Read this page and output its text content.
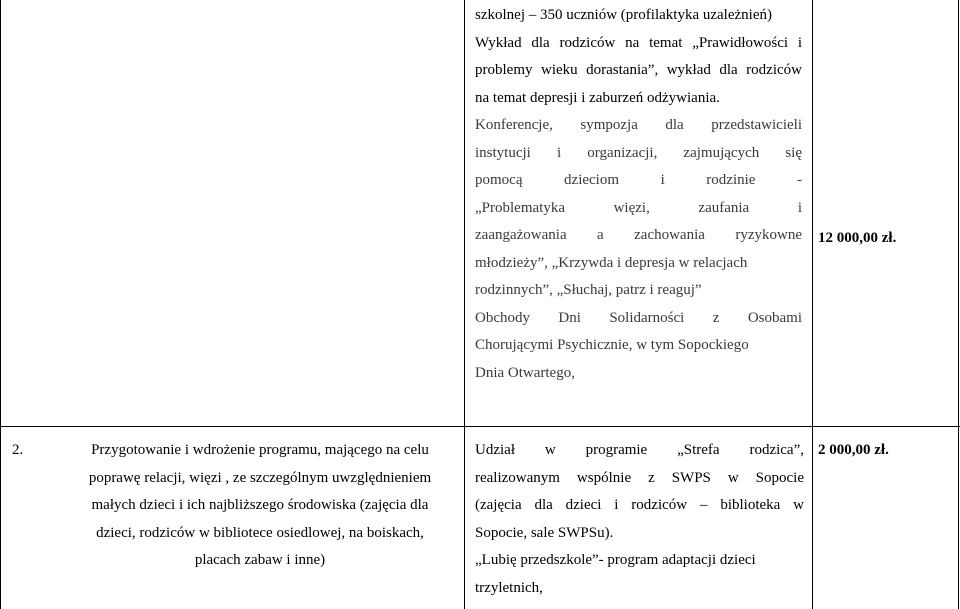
szkolnej – 350 uczniów (profilaktyka uzależnień)
Wykład dla rodziców na temat „Prawidłowości i
problemy wieku dorastania”, wykład dla rodziców
na temat depresji i zaburzeń odżywiania.
Konferencje, sympozja dla przedstawicieli
instytucji i organizacji, zajmujących się
pomocą dzieciom i rodzinie -
„Problematyka więzi, zaufania i
zaangażowania a zachowania ryzykowne
młodzieży”, „Krzywda i depresja w relacjach
rodzinnych”, „Słuchaj, patrz i reaguj”
Obchody Dni Solidarności z Osobami
Chorującymi Psychicznie, w tym Sopockiego
Dnia Otwartego,
12 000,00 zł.
2.	Przygotowanie i wdrożenie programu, mającego na celu
poprawę relacji, więzi , ze szczególnym uwzględnieniem
małych dzieci i ich najbliższego środowiska (zajęcia dla
dzieci, rodziców w bibliotece osiedlowej, na boiskach,
placach zabaw i inne)
Udział w programie „Strefa rodzica”,
realizowanym wspólnie z SWPS w Sopocie
(zajęcia dla dzieci i rodziców – biblioteka w
Sopocie, sale SWPSu).
„Lubię przedszkole”- program adaptacji dzieci
trzyletnich,
2 000,00 zł.
